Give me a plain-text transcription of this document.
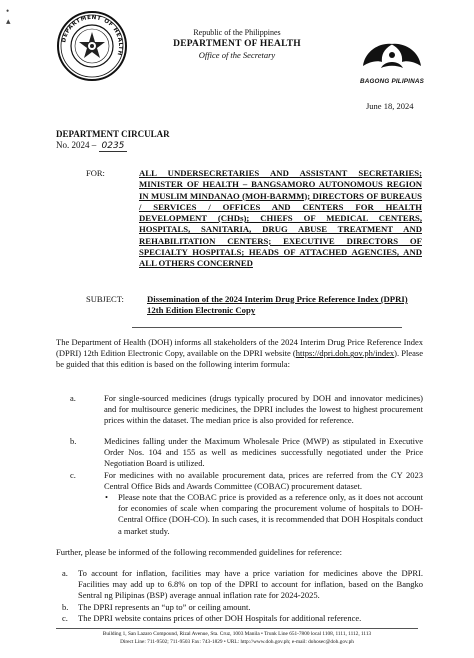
•
▴
DEPARTMENT OF HEALTH
Republic of the Philippines
DEPARTMENT OF HEALTH
Office of the Secretary
BAGONG PILIPINAS
June 18, 2024
DEPARTMENT CIRCULAR
No. 2024 – 0235
FOR:	ALL UNDERSECRETARIES AND ASSISTANT SECRETARIES; MINISTER OF HEALTH – BANGSAMORO AUTONOMOUS REGION IN MUSLIM MINDANAO (MOH-BARMM); DIRECTORS OF BUREAUS / SERVICES / OFFICES AND CENTERS FOR HEALTH DEVELOPMENT (CHDs); CHIEFS OF MEDICAL CENTERS, HOSPITALS, SANITARIA, DRUG ABUSE TREATMENT AND REHABILITATION CENTERS; EXECUTIVE DIRECTORS OF SPECIALTY HOSPITALS; HEADS OF ATTACHED AGENCIES, AND ALL OTHERS CONCERNED
SUBJECT:	Dissemination of the 2024 Interim Drug Price Reference Index (DPRI) 12th Edition Electronic Copy
The Department of Health (DOH) informs all stakeholders of the 2024 Interim Drug Price Reference Index (DPRI) 12th Edition Electronic Copy, available on the DPRI website (https://dpri.doh.gov.ph/index). Please be guided that this edition is based on the following interim formula:
a.	For single-sourced medicines (drugs typically procured by DOH and innovator medicines) and for multisource generic medicines, the DPRI includes the lowest to highest procurement prices within the dataset. The median price is also provided for reference.
b.	Medicines falling under the Maximum Wholesale Price (MWP) as stipulated in Executive Order Nos. 104 and 155 as well as medicines successfully negotiated under the Price Negotiation Board is utilized.
c.	For medicines with no available procurement data, prices are referred from the CY 2023 Central Office Bids and Awards Committee (COBAC) procurement dataset.
• Please note that the COBAC price is provided as a reference only, as it does not account for economies of scale when comparing the procurement volume of hospitals to DOH-Central Office (DOH-CO). In such cases, it is recommended that DOH Hospitals conduct a market study.
Further, please be informed of the following recommended guidelines for reference:
a. To account for inflation, facilities may have a price variation for medicines above the DPRI. Facilities may add up to 6.8% on top of the DPRI to account for inflation, based on the Bangko Sentral ng Pilipinas (BSP) average annual inflation rate for 2024-2025.
b. The DPRI represents an “up to” or ceiling amount.
c. The DPRI website contains prices of other DOH Hospitals for additional reference.
Building 1, San Lazaro Compound, Rizal Avenue, Sta. Cruz, 1003 Manila • Trunk Line 651-7800 local 1108, 1111, 1112, 1113
Direct Line: 711-9502; 711-9503 Fax: 743-1829 • URL: http://www.doh.gov.ph; e-mail: dohosec@doh.gov.ph
